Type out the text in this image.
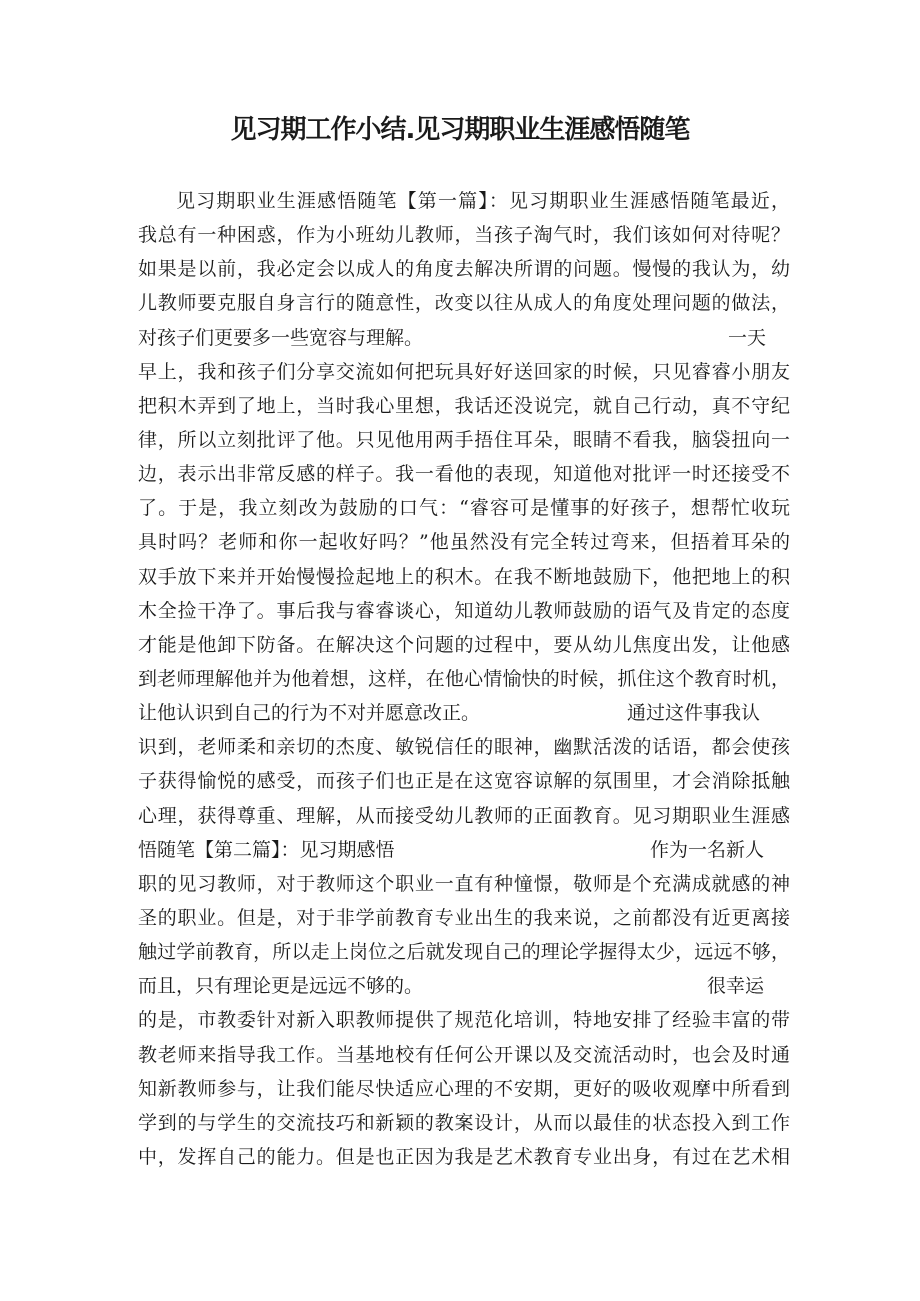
见习期工作小结.见习期职业生涯感悟随笔
见习期职业生涯感悟随笔【第一篇】：见习期职业生涯感悟随笔最近，
我总有一种困惑，作为小班幼儿教师，当孩子淘气时，我们该如何对待呢？
如果是以前，我必定会以成人的角度去解决所谓的问题。慢慢的我认为，幼
儿教师要克服自身言行的随意性，改变以往从成人的角度处理问题的做法，
对孩子们更要多一些宽容与理解。	一天
早上，我和孩子们分享交流如何把玩具好好送回家的时候，只见睿睿小朋友
把积木弄到了地上，当时我心里想，我话还没说完，就自己行动，真不守纪
律，所以立刻批评了他。只见他用两手捂住耳朵，眼睛不看我，脑袋扭向一
边，表示出非常反感的样子。我一看他的表现，知道他对批评一时还接受不
了。于是，我立刻改为鼓励的口气：“睿容可是懂事的好孩子，想帮忙收玩
具时吗？老师和你一起收好吗？”他虽然没有完全转过弯来，但捂着耳朵的
双手放下来并开始慢慢捡起地上的积木。在我不断地鼓励下，他把地上的积
木全捡干净了。事后我与睿睿谈心，知道幼儿教师鼓励的语气及肯定的态度
才能是他卸下防备。在解决这个问题的过程中，要从幼儿焦度出发，让他感
到老师理解他并为他着想，这样，在他心情愉快的时候，抓住这个教育时机，
让他认识到自己的行为不对并愿意改正。	通过这件事我认
识到，老师柔和亲切的杰度、敏锐信任的眼神，幽默活泼的话语，都会使孩
子获得愉悦的感受，而孩子们也正是在这宽容谅解的氛围里，才会消除抵触
心理，获得尊重、理解，从而接受幼儿教师的正面教育。见习期职业生涯感
悟随笔【第二篇】：见习期感悟	作为一名新人
职的见习教师，对于教师这个职业一直有种憧憬，敬师是个充满成就感的神
圣的职业。但是，对于非学前教育专业出生的我来说，之前都没有近更离接
触过学前教育，所以走上岗位之后就发现自己的理论学握得太少，远远不够，
而且，只有理论更是远远不够的。	很幸运
的是，市教委针对新入职教师提供了规范化培训，特地安排了经验丰富的带
教老师来指导我工作。当基地校有任何公开课以及交流活动时，也会及时通
知新教师参与，让我们能尽快适应心理的不安期，更好的吸收观摩中所看到
学到的与学生的交流技巧和新颖的教案设计，从而以最佳的状态投入到工作
中，发挥自己的能力。但是也正因为我是艺术教育专业出身，有过在艺术相
